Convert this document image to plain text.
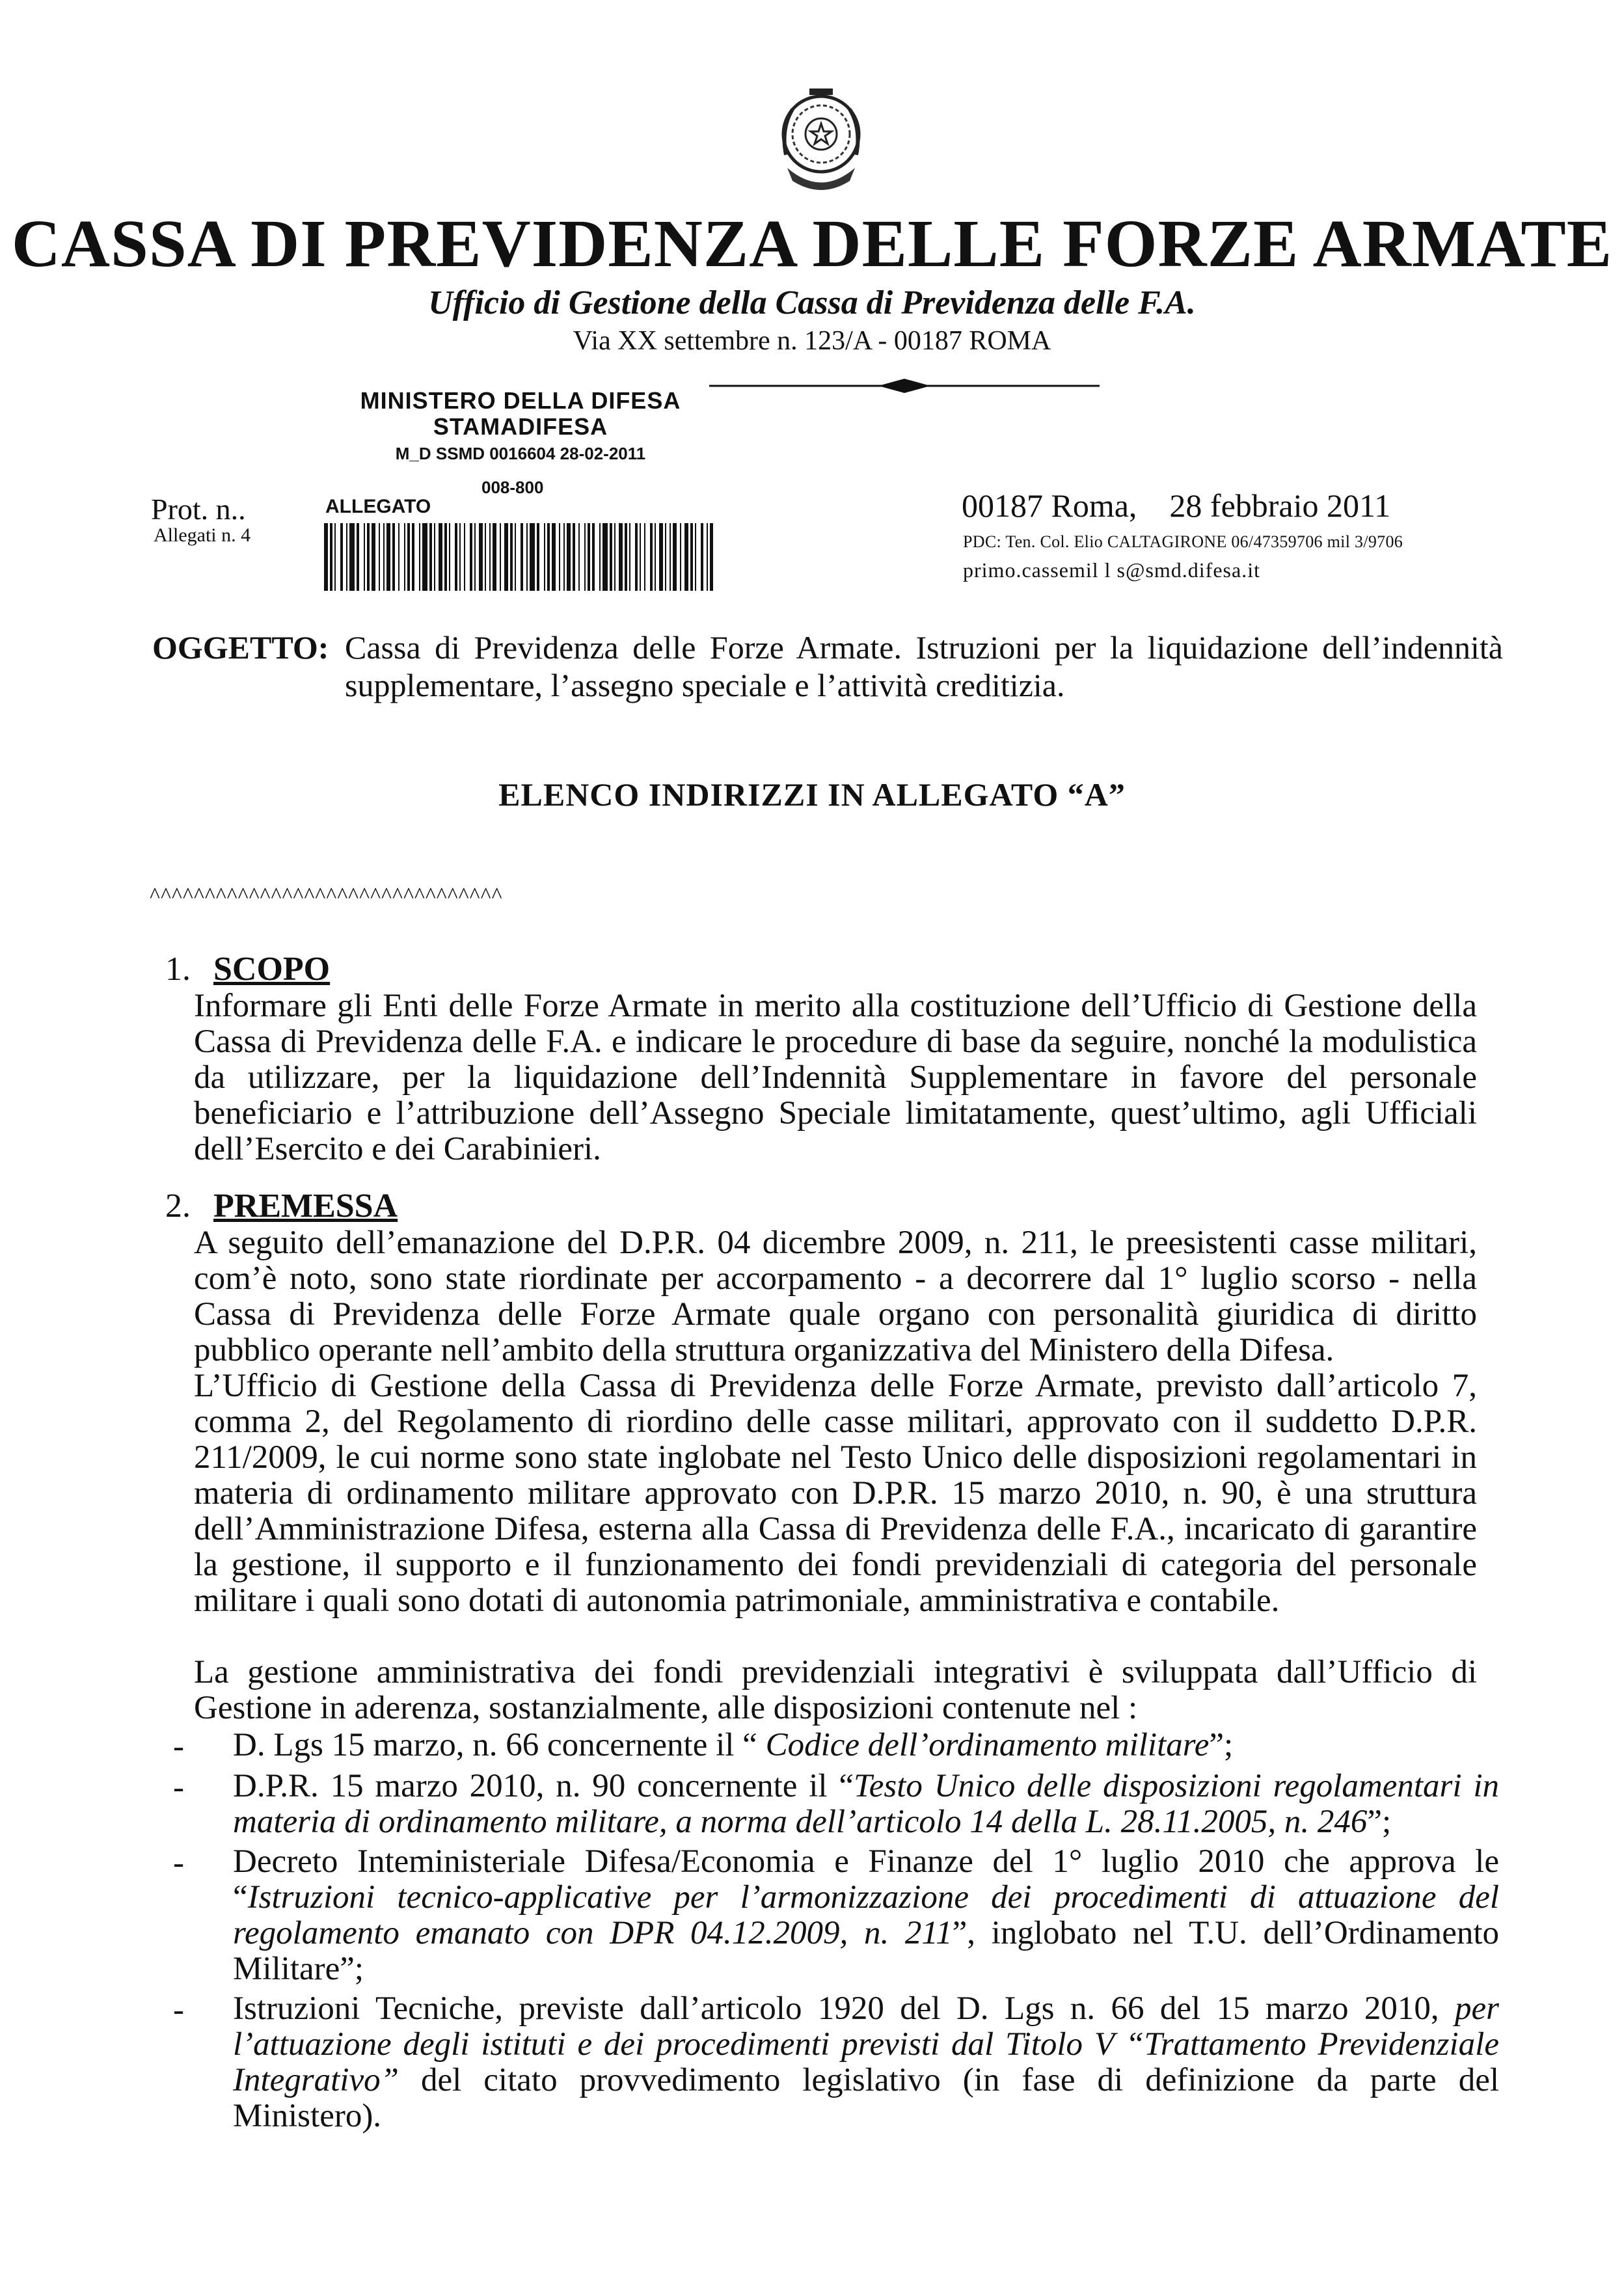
CASSA DI PREVIDENZA DELLE FORZE ARMATE
Ufficio di Gestione della Cassa di Previdenza delle F.A.
Via XX settembre n. 123/A - 00187 ROMA
MINISTERO DELLA DIFESA
STAMADIFESA
M_D SSMD 0016604 28-02-2011
008-800
ALLEGATO
Prot. n..
Allegati n. 4
00187 Roma,    28 febbraio 2011
PDC: Ten. Col. Elio CALTAGIRONE 06/47359706 mil 3/9706
primo.cassemil l s@smd.difesa.it
OGGETTO: Cassa di Previdenza delle Forze Armate. Istruzioni per la liquidazione dell’indennità supplementare, l’assegno speciale e l’attività creditizia.
ELENCO INDIRIZZI IN ALLEGATO “A”
^^^^^^^^^^^^^^^^^^^^^^^^^^^^^^^^
1. SCOPO
Informare gli Enti delle Forze Armate in merito alla costituzione dell’Ufficio di Gestione della Cassa di Previdenza delle F.A. e indicare le procedure di base da seguire, nonché la modulistica da utilizzare, per la liquidazione dell’Indennità Supplementare in favore del personale beneficiario e l’attribuzione dell’Assegno Speciale limitatamente, quest’ultimo, agli Ufficiali dell’Esercito e dei Carabinieri.
2. PREMESSA
A seguito dell’emanazione del D.P.R. 04 dicembre 2009, n. 211, le preesistenti casse militari, com’è noto, sono state riordinate per accorpamento - a decorrere dal 1° luglio scorso - nella Cassa di Previdenza delle Forze Armate quale organo con personalità giuridica di diritto pubblico operante nell’ambito della struttura organizzativa del Ministero della Difesa.
L’Ufficio di Gestione della Cassa di Previdenza delle Forze Armate, previsto dall’articolo 7, comma 2, del Regolamento di riordino delle casse militari, approvato con il suddetto D.P.R. 211/2009, le cui norme sono state inglobate nel Testo Unico delle disposizioni regolamentari in materia di ordinamento militare approvato con D.P.R. 15 marzo 2010, n. 90, è una struttura dell’Amministrazione Difesa, esterna alla Cassa di Previdenza delle F.A., incaricato di garantire la gestione, il supporto e il funzionamento dei fondi previdenziali di categoria del personale militare i quali sono dotati di autonomia patrimoniale, amministrativa e contabile.
La gestione amministrativa dei fondi previdenziali integrativi è sviluppata dall’Ufficio di Gestione in aderenza, sostanzialmente, alle disposizioni contenute nel :
- D. Lgs 15 marzo, n. 66 concernente il “ Codice dell’ordinamento militare”;
- D.P.R. 15 marzo 2010, n. 90 concernente il “Testo Unico delle disposizioni regolamentari in materia di ordinamento militare, a norma dell’articolo 14 della L. 28.11.2005, n. 246”;
- Decreto Inteministeriale Difesa/Economia e Finanze del 1° luglio 2010 che approva le “Istruzioni tecnico-applicative per l’armonizzazione dei procedimenti di attuazione del regolamento emanato con DPR 04.12.2009, n. 211”, inglobato nel T.U. dell’Ordinamento Militare”;
- Istruzioni Tecniche, previste dall’articolo 1920 del D. Lgs n. 66 del 15 marzo 2010, per l’attuazione degli istituti e dei procedimenti previsti dal Titolo V “Trattamento Previdenziale Integrativo” del citato provvedimento legislativo (in fase di definizione da parte del Ministero).
